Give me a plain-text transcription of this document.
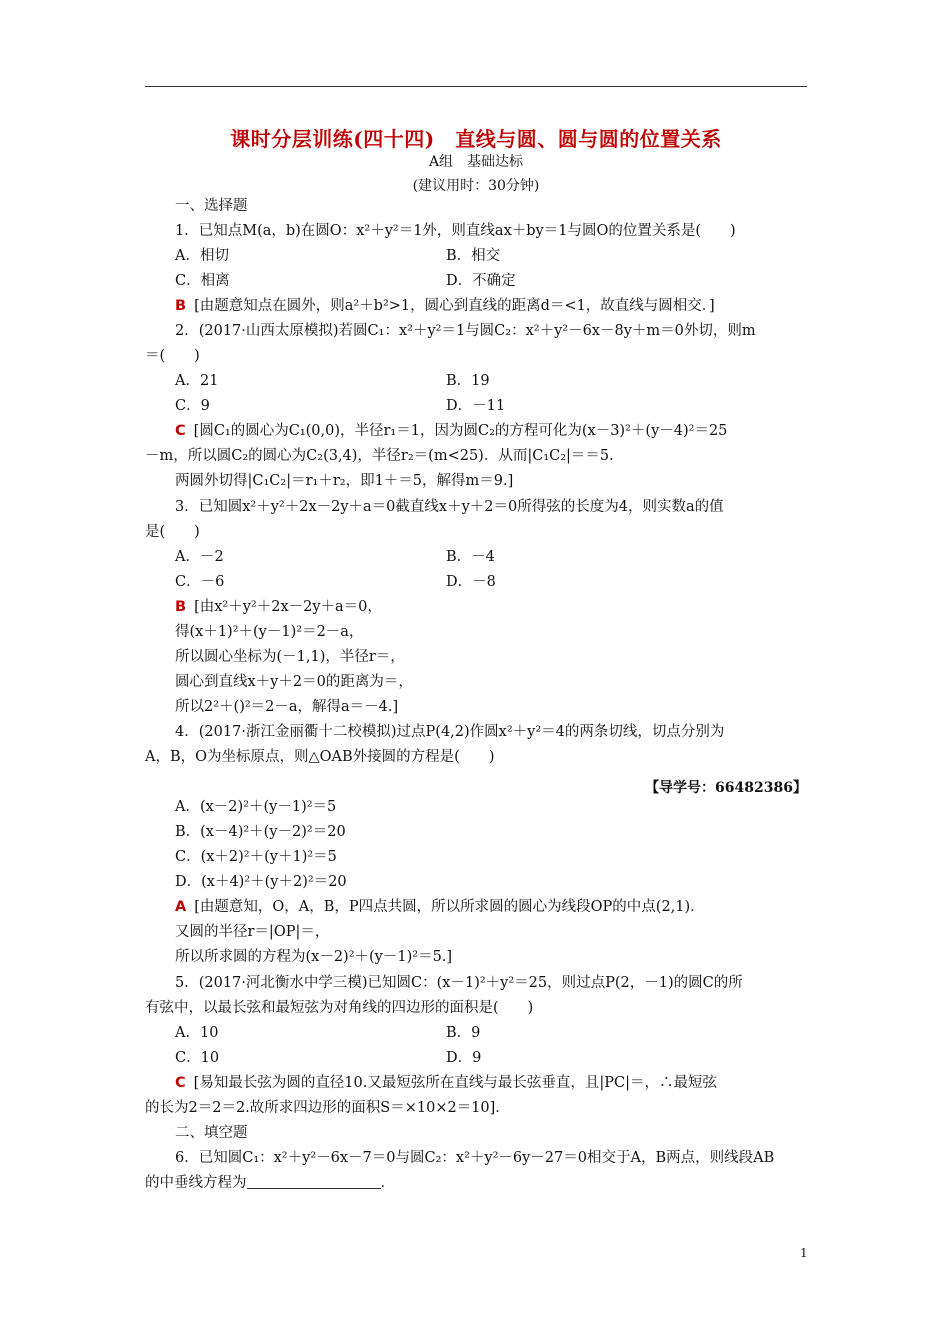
课时分层训练(四十四)　直线与圆、圆与圆的位置关系
A组　基础达标
(建议用时：30分钟)
一、选择题
1．已知点M(a，b)在圆O：x²＋y²＝1外，则直线ax＋by＝1与圆O的位置关系是(　　)
A．相切	B．相交
C．相离	D．不确定
B [由题意知点在圆外，则a²＋b²>1，圆心到直线的距离d＝<1，故直线与圆相交．]
2．(2017·山西太原模拟)若圆C₁：x²＋y²＝1与圆C₂：x²＋y²－6x－8y＋m＝0外切，则m
＝(　　)
A．21	B．19
C．9	D．－11
C [圆C₁的圆心为C₁(0,0)，半径r₁＝1，因为圆C₂的方程可化为(x－3)²＋(y－4)²＝25
－m，所以圆C₂的圆心为C₂(3,4)，半径r₂＝(m<25)．从而|C₁C₂|＝＝5.
两圆外切得|C₁C₂|＝r₁＋r₂，即1＋＝5，解得m＝9.]
3．已知圆x²＋y²＋2x－2y＋a＝0截直线x＋y＋2＝0所得弦的长度为4，则实数a的值
是(　　)
A．－2	B．－4
C．－6	D．－8
B [由x²＋y²＋2x－2y＋a＝0，
得(x＋1)²＋(y－1)²＝2－a，
所以圆心坐标为(－1,1)，半径r＝，
圆心到直线x＋y＋2＝0的距离为＝，
所以2²＋()²＝2－a，解得a＝－4.]
4．(2017·浙江金丽衢十二校模拟)过点P(4,2)作圆x²＋y²＝4的两条切线，切点分别为
A，B，O为坐标原点，则△OAB外接圆的方程是(　　)
A．(x－2)²＋(y－1)²＝5
B．(x－4)²＋(y－2)²＝20
C．(x＋2)²＋(y＋1)²＝5
D．(x＋4)²＋(y＋2)²＝20
A [由题意知，O，A，B，P四点共圆，所以所求圆的圆心为线段OP的中点(2,1)．
又圆的半径r＝|OP|＝，
所以所求圆的方程为(x－2)²＋(y－1)²＝5.]
5．(2017·河北衡水中学三模)已知圆C：(x－1)²＋y²＝25，则过点P(2，－1)的圆C的所
有弦中，以最长弦和最短弦为对角线的四边形的面积是(　　)
A．10	B．9
C．10	D．9
C [易知最长弦为圆的直径10.又最短弦所在直线与最长弦垂直，且|PC|＝，∴最短弦
的长为2＝2＝2.故所求四边形的面积S＝×10×2＝10]．
二、填空题
6．已知圆C₁：x²＋y²－6x－7＝0与圆C₂：x²＋y²－6y－27＝0相交于A，B两点，则线段AB
的中垂线方程为	．
【导学号：66482386】
1
